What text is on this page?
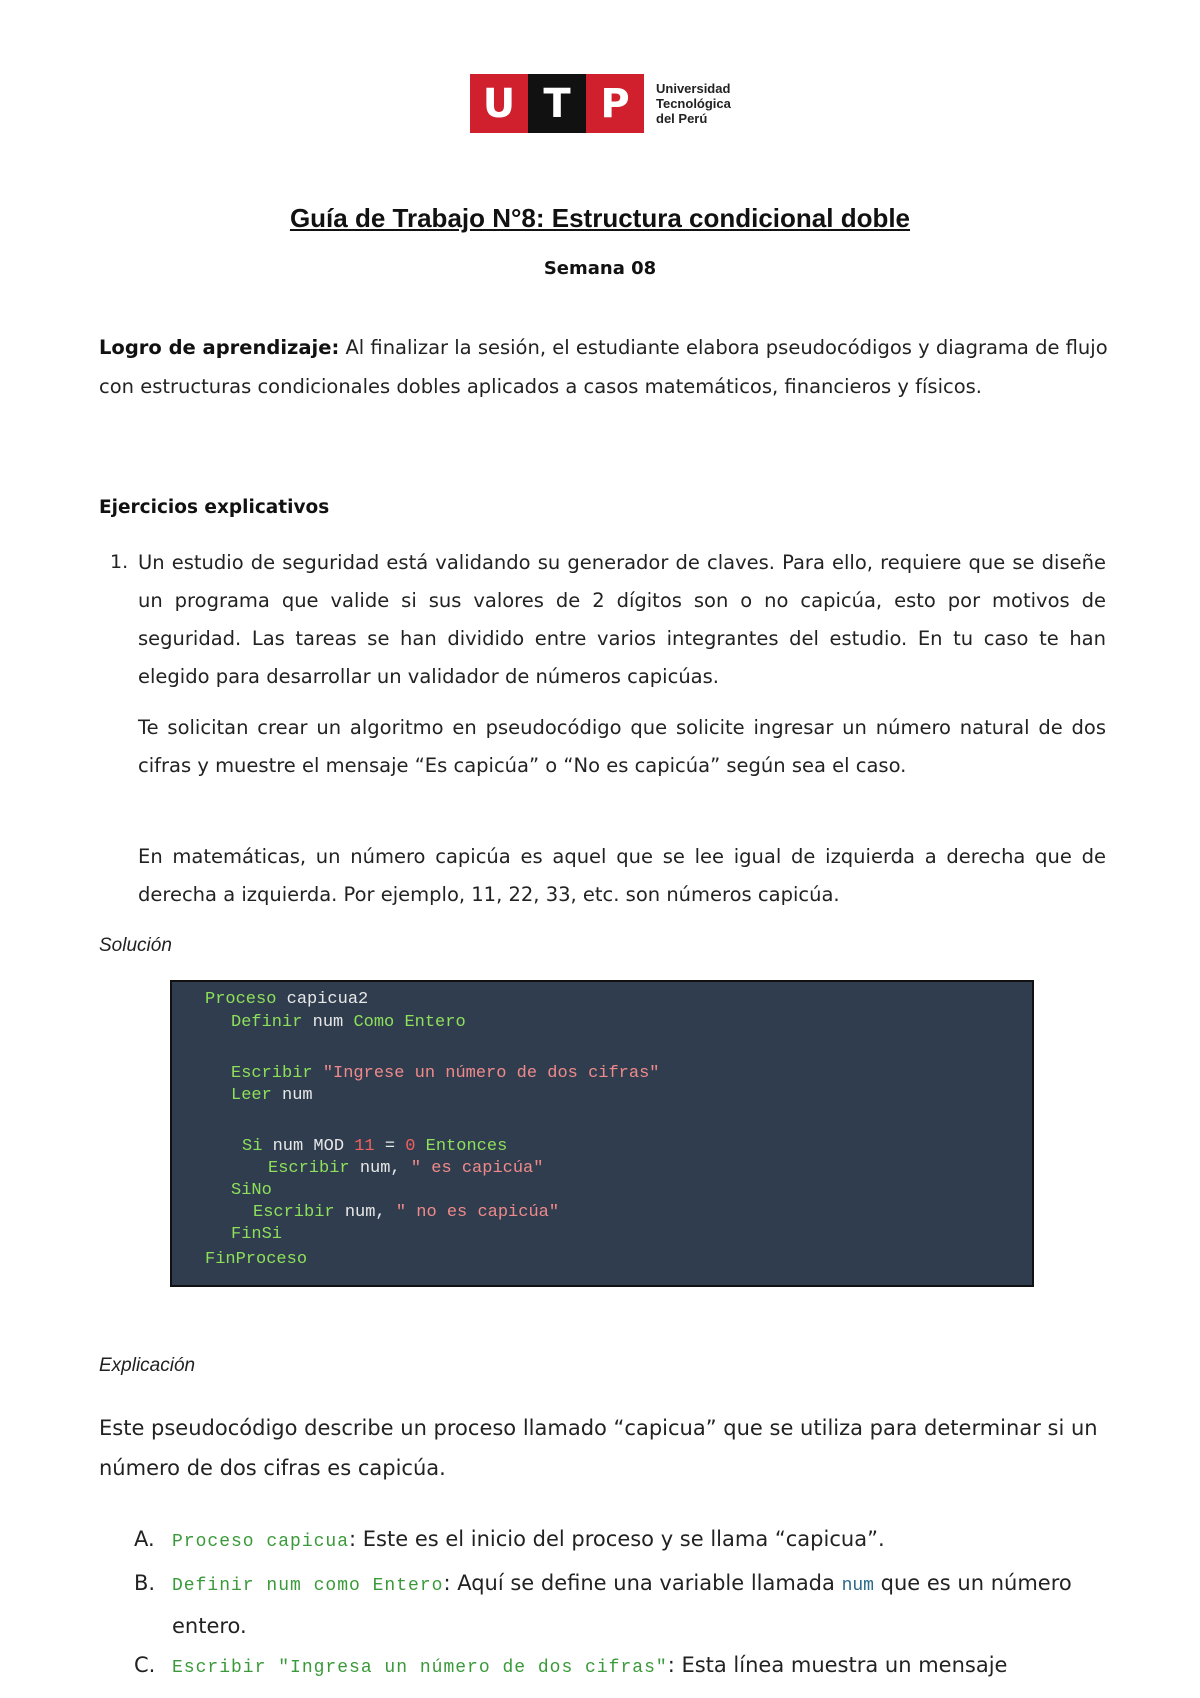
U T P	Universidad
Tecnológica
del Perú
Guía de Trabajo N°8: Estructura condicional doble
Semana 08
Logro de aprendizaje: Al finalizar la sesión, el estudiante elabora pseudocódigos y diagrama de flujo con estructuras condicionales dobles aplicados a casos matemáticos, financieros y físicos.
Ejercicios explicativos
1. Un estudio de seguridad está validando su generador de claves. Para ello, requiere que se diseñe un programa que valide si sus valores de 2 dígitos son o no capicúa, esto por motivos de seguridad. Las tareas se han dividido entre varios integrantes del estudio. En tu caso te han elegido para desarrollar un validador de números capicúas.
Te solicitan crear un algoritmo en pseudocódigo que solicite ingresar un número natural de dos cifras y muestre el mensaje “Es capicúa” o “No es capicúa” según sea el caso.
En matemáticas, un número capicúa es aquel que se lee igual de izquierda a derecha que de derecha a izquierda. Por ejemplo, 11, 22, 33, etc. son números capicúa.
Solución
Proceso capicua2
Definir num Como Entero
Escribir "Ingrese un número de dos cifras"
Leer num
Si num MOD 11 = 0 Entonces
Escribir num, " es capicúa"
SiNo
Escribir num, " no es capicúa"
FinSi
FinProceso
Explicación
Este pseudocódigo describe un proceso llamado “capicua” que se utiliza para determinar si un número de dos cifras es capicúa.
A. Proceso capicua: Este es el inicio del proceso y se llama “capicua”.
B. Definir num como Entero: Aquí se define una variable llamada num que es un número entero.
C. Escribir "Ingresa un número de dos cifras": Esta línea muestra un mensaje
